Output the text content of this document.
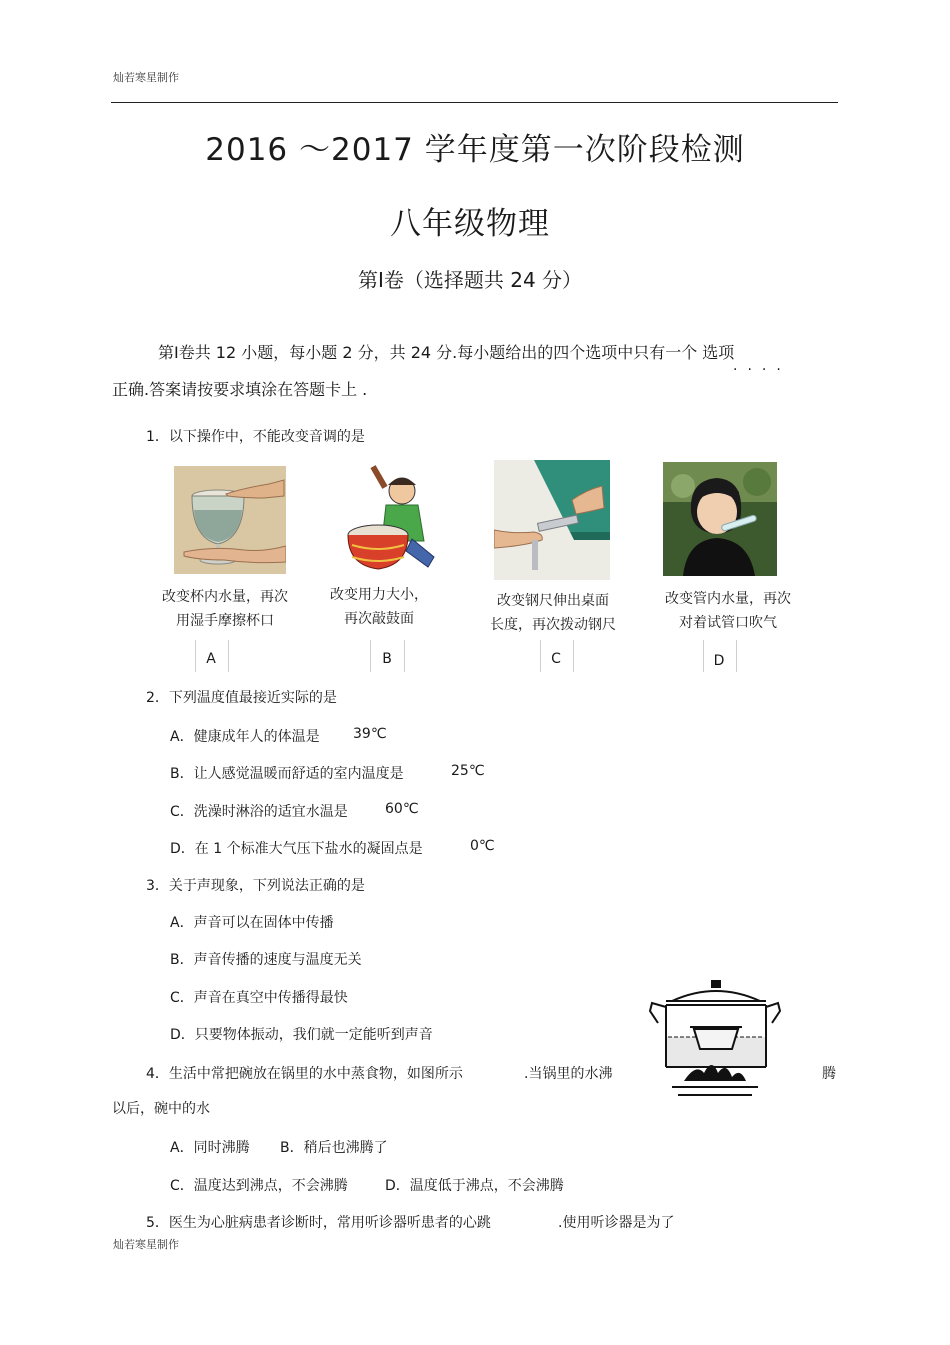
灿若寒星制作
2016 ～2017 学年度第一次阶段检测
八年级物理
第Ⅰ卷（选择题共 24 分）
第Ⅰ卷共 12 小题，每小题 2 分，共 24 分.每小题给出的四个选项中只有一个 选项
····
正确.答案请按要求填涂在答题卡上 .
1．以下操作中，不能改变音调的是
改变杯内水量，再次
用湿手摩擦杯口
改变用力大小，
再次敲鼓面
改变钢尺伸出桌面
长度，再次拨动钢尺
改变管内水量，再次
对着试管口吹气
A	B	C	D
2．下列温度值最接近实际的是
A．健康成年人的体温是 39℃
B．让人感觉温暖而舒适的室内温度是	25℃
C．洗澡时淋浴的适宜水温是	60℃
D．在 1 个标准大气压下盐水的凝固点是	0℃
3．关于声现象，下列说法正确的是
A．声音可以在固体中传播
B．声音传播的速度与温度无关
C．声音在真空中传播得最快
D．只要物体振动，我们就一定能听到声音
4．生活中常把碗放在锅里的水中蒸食物，如图所示	.当锅里的水沸	腾
以后，碗中的水
A．同时沸腾 B．稍后也沸腾了
C．温度达到沸点，不会沸腾	D．温度低于沸点，不会沸腾
5．医生为心脏病患者诊断时，常用听诊器听患者的心跳	.使用听诊器是为了
灿若寒星制作
